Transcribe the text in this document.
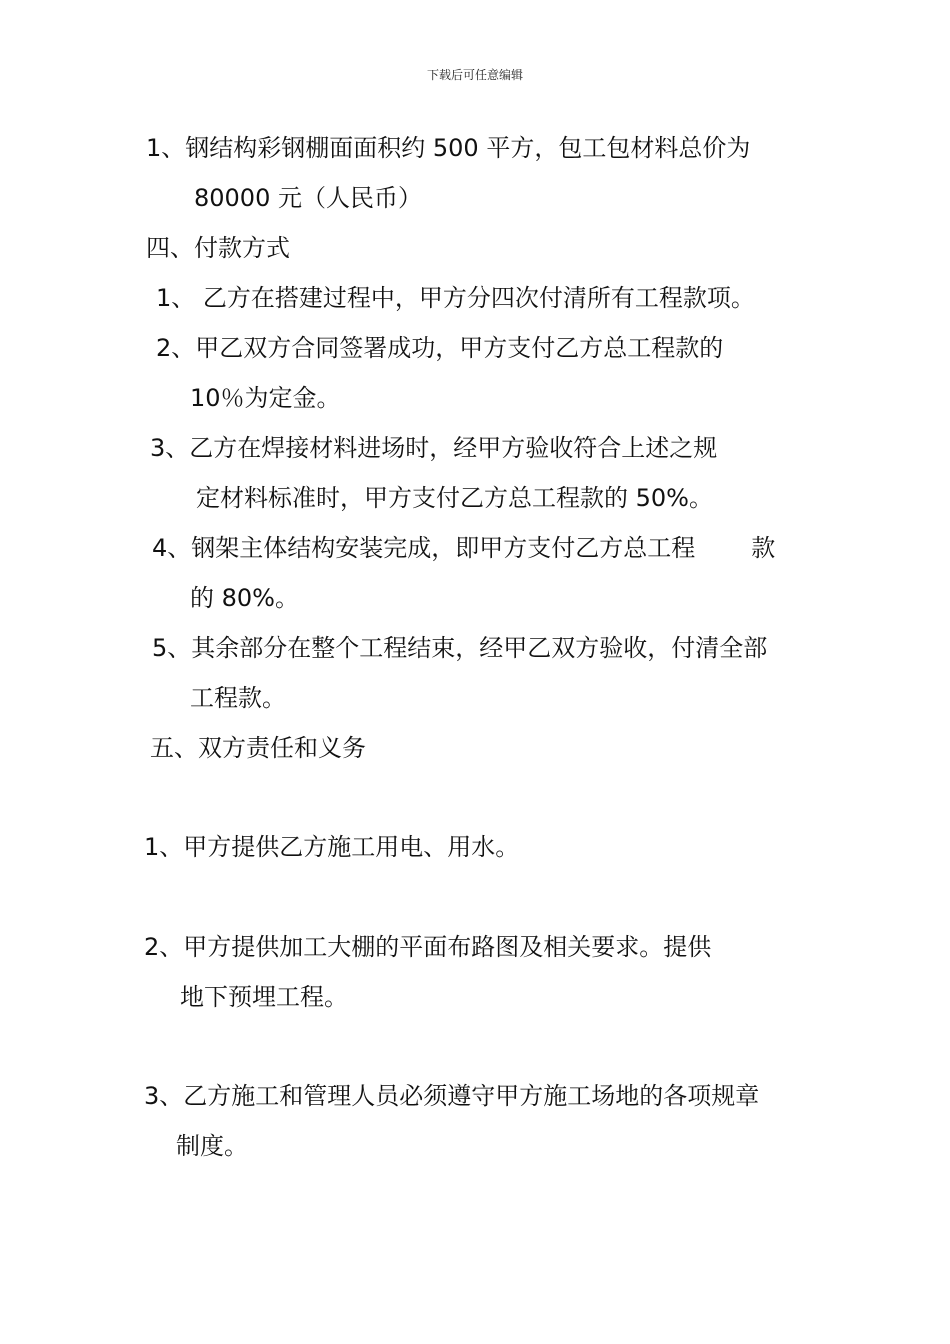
下载后可任意编辑
1、钢结构彩钢棚面面积约 500 平方，包工包材料总价为
80000 元（人民币）
四、付款方式
1、 乙方在搭建过程中，甲方分四次付清所有工程款项。
2、甲乙双方合同签署成功，甲方支付乙方总工程款的
10％为定金。
3、乙方在焊接材料进场时，经甲方验收符合上述之规
定材料标准时，甲方支付乙方总工程款的 50%。
4、钢架主体结构安装完成，即甲方支付乙方总工程 款
的 80%。
5、其余部分在整个工程结束，经甲乙双方验收，付清全部
工程款。
五、双方责任和义务
1、甲方提供乙方施工用电、用水。
2、甲方提供加工大棚的平面布路图及相关要求。提供
地下预埋工程。
3、乙方施工和管理人员必须遵守甲方施工场地的各项规章
制度。
